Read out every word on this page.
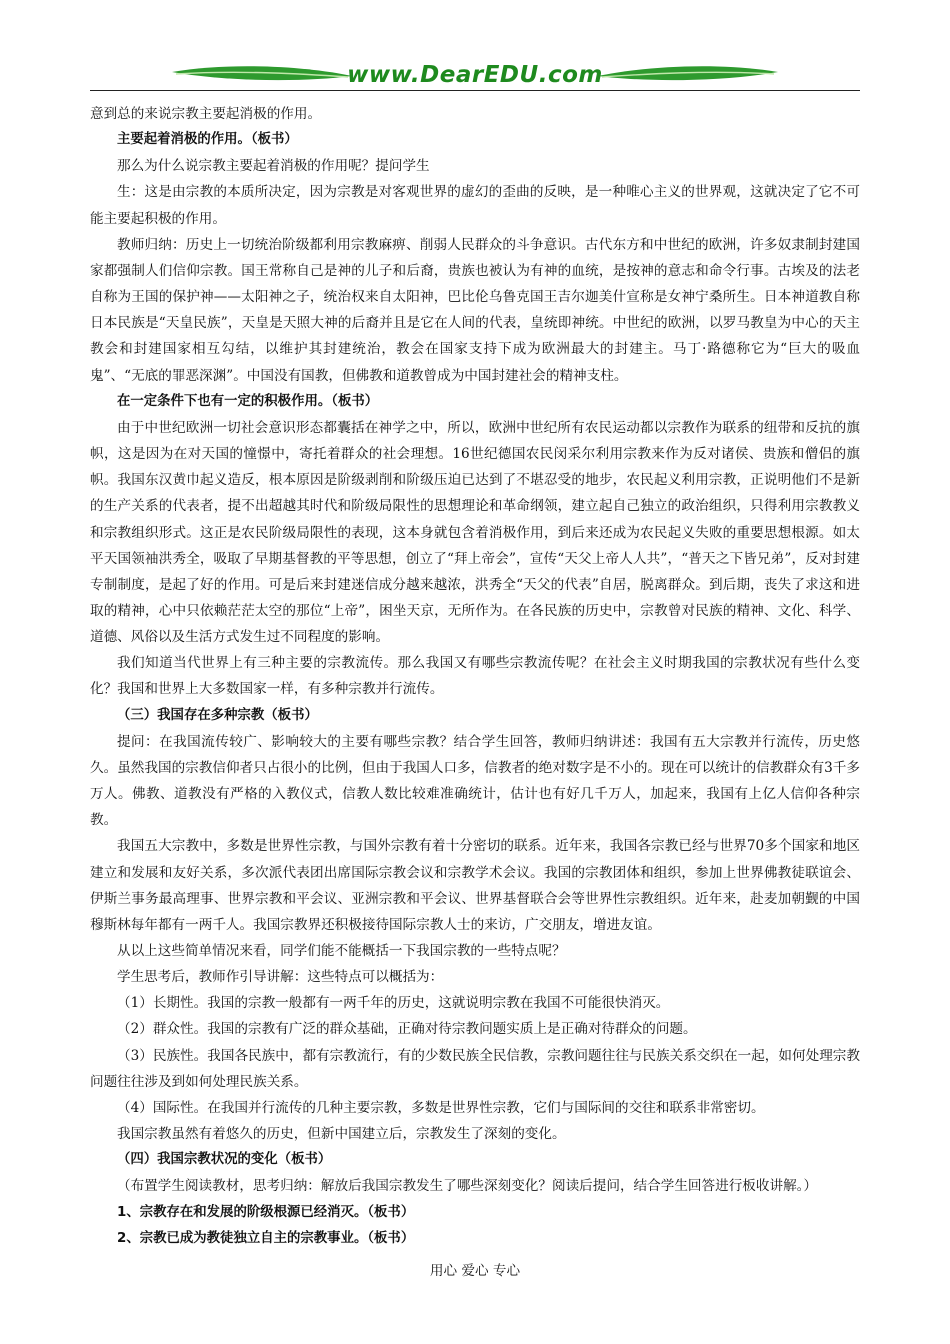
www.DearEDU.com

意到总的来说宗教主要起消极的作用。

主要起着消极的作用。（板书）

那么为什么说宗教主要起着消极的作用呢？提问学生

生：这是由宗教的本质所决定，因为宗教是对客观世界的虚幻的歪曲的反映，是一种唯心主义的世界观，这就决定了它不可能主要起积极的作用。

教师归纳：历史上一切统治阶级都利用宗教麻痹、削弱人民群众的斗争意识。古代东方和中世纪的欧洲，许多奴隶制封建国家都强制人们信仰宗教。国王常称自己是神的儿子和后裔，贵族也被认为有神的血统，是按神的意志和命令行事。古埃及的法老自称为王国的保护神——太阳神之子，统治权来自太阳神，巴比伦乌鲁克国王吉尔迦美什宣称是女神宁桑所生。日本神道教自称日本民族是“天皇民族”，天皇是天照大神的后裔并且是它在人间的代表，皇统即神统。中世纪的欧洲，以罗马教皇为中心的天主教会和封建国家相互勾结，以维护其封建统治，教会在国家支持下成为欧洲最大的封建主。马丁·路德称它为“巨大的吸血鬼”、“无底的罪恶深渊”。中国没有国教，但佛教和道教曾成为中国封建社会的精神支柱。

在一定条件下也有一定的积极作用。（板书）

由于中世纪欧洲一切社会意识形态都囊括在神学之中，所以，欧洲中世纪所有农民运动都以宗教作为联系的纽带和反抗的旗帜，这是因为在对天国的憧憬中，寄托着群众的社会理想。16世纪德国农民闵采尔利用宗教来作为反对诸侯、贵族和僧侣的旗帜。我国东汉黄巾起义造反，根本原因是阶级剥削和阶级压迫已达到了不堪忍受的地步，农民起义利用宗教，正说明他们不是新的生产关系的代表者，提不出超越其时代和阶级局限性的思想理论和革命纲领，建立起自己独立的政治组织，只得利用宗教教义和宗教组织形式。这正是农民阶级局限性的表现，这本身就包含着消极作用，到后来还成为农民起义失败的重要思想根源。如太平天国领袖洪秀全，吸取了早期基督教的平等思想，创立了“拜上帝会”，宣传“天父上帝人人共”，“普天之下皆兄弟”，反对封建专制制度，是起了好的作用。可是后来封建迷信成分越来越浓，洪秀全“天父的代表”自居，脱离群众。到后期，丧失了求这和进取的精神，心中只依赖茫茫太空的那位“上帝”，困坐天京，无所作为。在各民族的历史中，宗教曾对民族的精神、文化、科学、道德、风俗以及生活方式发生过不同程度的影响。

我们知道当代世界上有三种主要的宗教流传。那么我国又有哪些宗教流传呢？在社会主义时期我国的宗教状况有些什么变化？我国和世界上大多数国家一样，有多种宗教并行流传。

（三）我国存在多种宗教（板书）

提问：在我国流传较广、影响较大的主要有哪些宗教？结合学生回答，教师归纳讲述：我国有五大宗教并行流传，历史悠久。虽然我国的宗教信仰者只占很小的比例，但由于我国人口多，信教者的绝对数字是不小的。现在可以统计的信教群众有3千多万人。佛教、道教没有严格的入教仪式，信教人数比较难准确统计，估计也有好几千万人，加起来，我国有上亿人信仰各种宗教。

我国五大宗教中，多数是世界性宗教，与国外宗教有着十分密切的联系。近年来，我国各宗教已经与世界70多个国家和地区建立和发展和友好关系，多次派代表团出席国际宗教会议和宗教学术会议。我国的宗教团体和组织，参加上世界佛教徒联谊会、伊斯兰事务最高理事、世界宗教和平会议、亚洲宗教和平会议、世界基督联合会等世界性宗教组织。近年来，赴麦加朝觐的中国穆斯林每年都有一两千人。我国宗教界还积极接待国际宗教人士的来访，广交朋友，增进友谊。

从以上这些简单情况来看，同学们能不能概括一下我国宗教的一些特点呢？

学生思考后，教师作引导讲解：这些特点可以概括为：

（1）长期性。我国的宗教一般都有一两千年的历史，这就说明宗教在我国不可能很快消灭。

（2）群众性。我国的宗教有广泛的群众基础，正确对待宗教问题实质上是正确对待群众的问题。

（3）民族性。我国各民族中，都有宗教流行，有的少数民族全民信教，宗教问题往往与民族关系交织在一起，如何处理宗教问题往往涉及到如何处理民族关系。

（4）国际性。在我国并行流传的几种主要宗教，多数是世界性宗教，它们与国际间的交往和联系非常密切。

我国宗教虽然有着悠久的历史，但新中国建立后，宗教发生了深刻的变化。

（四）我国宗教状况的变化（板书）

（布置学生阅读教材，思考归纳：解放后我国宗教发生了哪些深刻变化？阅读后提问，结合学生回答进行板收讲解。）

1、宗教存在和发展的阶级根源已经消灭。（板书）

2、宗教已成为教徒独立自主的宗教事业。（板书）

用心 爱心 专心
